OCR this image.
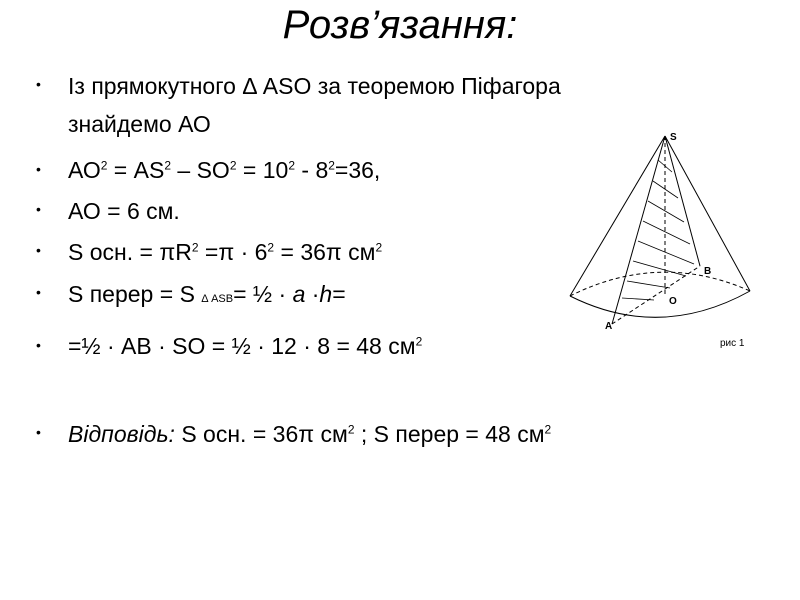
Розв’язання:
•
•
•
•
•
•
•
Із прямокутного Δ ASO за теоремою Піфагора
знайдемо АО
$АО^2 = AS^2 - SO^2 = 10^2 - 8^2=36$,
АО = 6 см.
S осн. = $\pi R^2 =\pi \cdot 6^2 = 36\pi$ $см^2$
S перер = S Δ ASB= ½ · a ·h=
=½ · АВ · SO = ½ · 12 · 8 = 48 $см^2$
Відповідь: S осн. = 36π $см^2$ ; S перер = 48 $см^2$
S
B
O
A
рис 1
